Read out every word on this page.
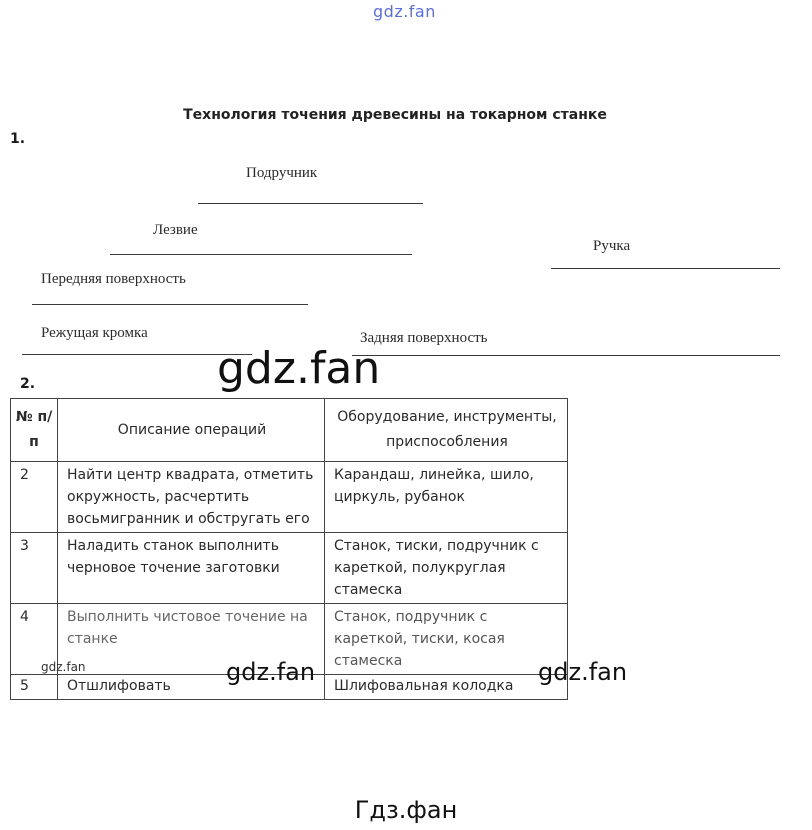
gdz.fan
Технология точения древесины на токарном станке
1.
Подручник
Лезвие
Ручка
Передняя поверхность
Режущая кромка	Задняя поверхность
gdz.fan
2.
№ п/п	Описание операций	Оборудование, инструменты, приспособления
2	Найти центр квадрата, отметить окружность, расчертить восьмигранник и обстругать его	Карандаш, линейка, шило, циркуль, рубанок
3	Наладить станок выполнить черновое точение заготовки	Станок, тиски, подручник с кареткой, полукруглая стамеска
4	Выполнить чистовое точение на станке	Станок, подручник с кареткой, тиски, косая стамеска
5	Отшлифовать	Шлифовальная колодка
gdz.fan	gdz.fan	gdz.fan
Гдз.фан
